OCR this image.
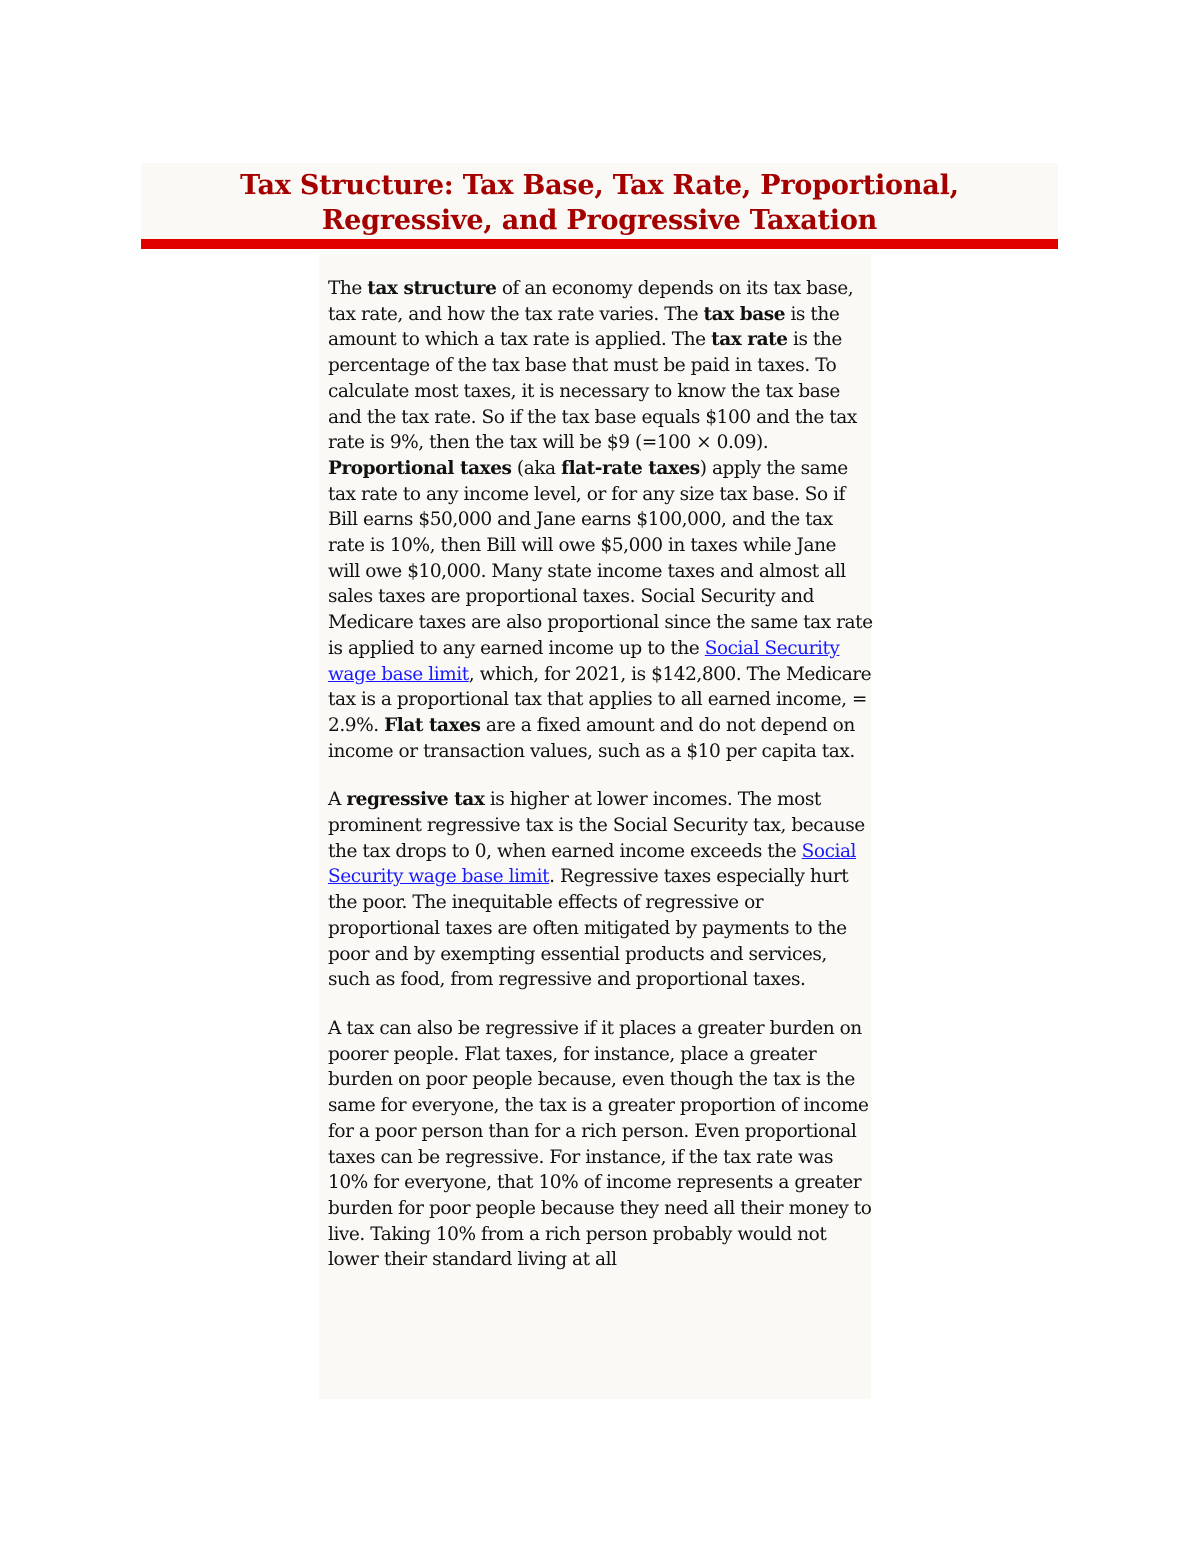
Tax Structure: Tax Base, Tax Rate, Proportional,
Regressive, and Progressive Taxation

The tax structure of an economy depends on its tax base, tax rate, and how the tax rate varies. The tax base is the amount to which a tax rate is applied. The tax rate is the percentage of the tax base that must be paid in taxes. To calculate most taxes, it is necessary to know the tax base and the tax rate. So if the tax base equals $100 and the tax rate is 9%, then the tax will be $9 (=100 × 0.09). Proportional taxes (aka flat-rate taxes) apply the same tax rate to any income level, or for any size tax base. So if Bill earns $50,000 and Jane earns $100,000, and the tax rate is 10%, then Bill will owe $5,000 in taxes while Jane will owe $10,000. Many state income taxes and almost all sales taxes are proportional taxes. Social Security and Medicare taxes are also proportional since the same tax rate is applied to any earned income up to the Social Security wage base limit, which, for 2021, is $142,800. The Medicare tax is a proportional tax that applies to all earned income, = 2.9%. Flat taxes are a fixed amount and do not depend on income or transaction values, such as a $10 per capita tax.

A regressive tax is higher at lower incomes. The most prominent regressive tax is the Social Security tax, because the tax drops to 0, when earned income exceeds the Social Security wage base limit. Regressive taxes especially hurt the poor. The inequitable effects of regressive or proportional taxes are often mitigated by payments to the poor and by exempting essential products and services, such as food, from regressive and proportional taxes.

A tax can also be regressive if it places a greater burden on poorer people. Flat taxes, for instance, place a greater burden on poor people because, even though the tax is the same for everyone, the tax is a greater proportion of income for a poor person than for a rich person. Even proportional taxes can be regressive. For instance, if the tax rate was 10% for everyone, that 10% of income represents a greater burden for poor people because they need all their money to live. Taking 10% from a rich person probably would not lower their standard living at all
